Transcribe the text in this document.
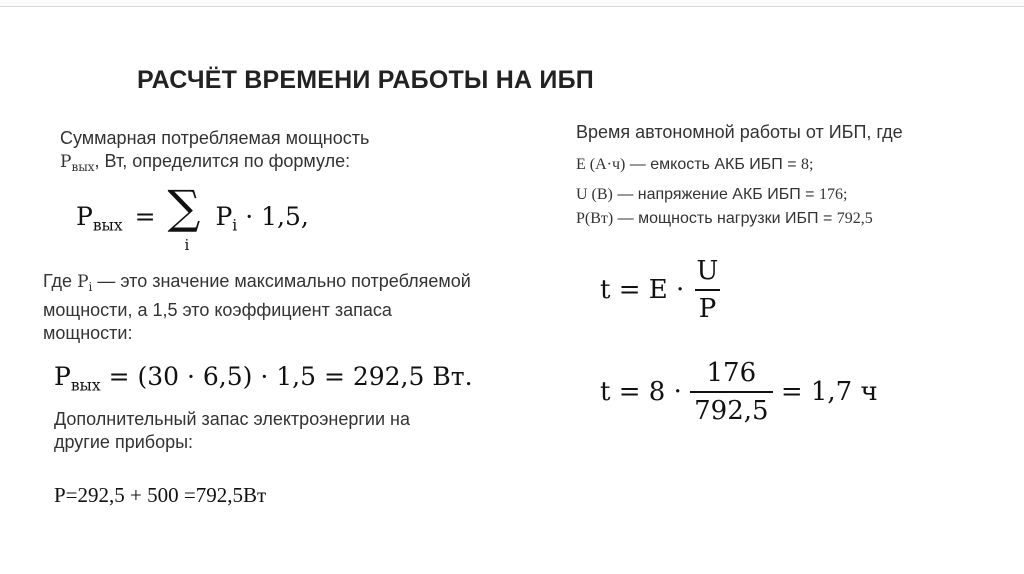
РАСЧЁТ ВРЕМЕНИ РАБОТЫ НА ИБП
Суммарная потребляемая мощность
$P_{вых}$, Вт, определится по формуле:
$P_{вых}$ = ∑
i
$P_i \cdot 1,5$,
Где $P_i$ — это значение максимально потребляемой
мощности, а 1,5 это коэффициент запаса
мощности:
$P_{вых} = (30 \cdot 6,5) \cdot 1,5 = 292,5$ Вт.
Дополнительный запас электроэнергии на
другие приборы:
P=292,5 + 500 =792,5Вт
Время автономной работы от ИБП, где
E (А·ч) — емкость АКБ ИБП = 8;
U (В) — напряжение АКБ ИБП = 176;
P(Вт) — мощность нагрузки ИБП = 792,5
$t = E \cdot \frac{U}{P}$
$t = 8 \cdot \frac{176}{792,5} = 1,7$ ч
